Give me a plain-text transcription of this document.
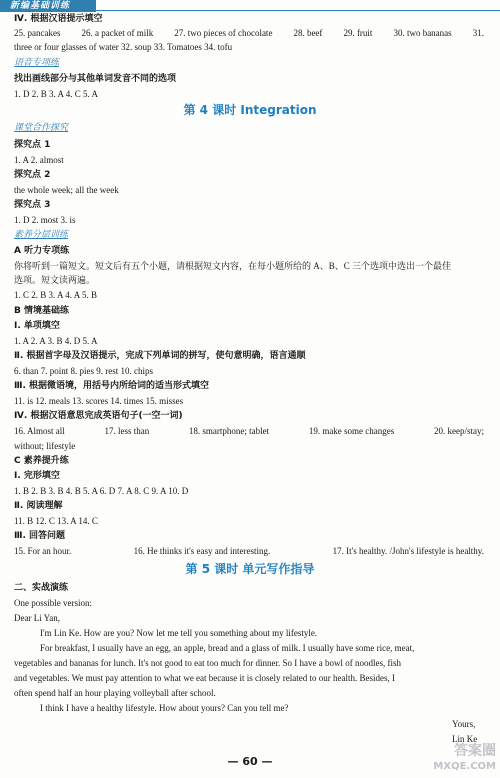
新编基础训练
Ⅳ. 根据汉语提示填空
25. pancakes 26. a packet of milk 27. two pieces of chocolate 28. beef 29. fruit 30. two bananas 31.
three or four glasses of water 32. soup 33. Tomatoes 34. tofu
语音专项练
找出画线部分与其他单词发音不同的选项
1. D 2. B 3. A 4. C 5. A
第 4 课时 Integration
课堂合作探究
探究点 1
1. A 2. almost
探究点 2
the whole week; all the week
探究点 3
1. D 2. most 3. is
素养分层训练
A 听力专项练
你将听到一篇短文。短文后有五个小题，请根据短文内容，在每小题所给的 A、B、C 三个选项中选出一个最佳
选项。短文读两遍。
1. C 2. B 3. A 4. A 5. B
B 情境基础练
Ⅰ. 单项填空
1. A 2. A 3. B 4. D 5. A
Ⅱ. 根据首字母及汉语提示，完成下列单词的拼写，使句意明确，语言通顺
6. than 7. point 8. pies 9. rest 10. chips
Ⅲ. 根据微语境，用括号内所给词的适当形式填空
11. is 12. meals 13. scores 14. times 15. misses
Ⅳ. 根据汉语意思完成英语句子(一空一词)
16. Almost all	17. less than	18. smartphone; tablet	19. make some changes	20. keep/stay;
without; lifestyle
C 素养提升练
Ⅰ. 完形填空
1. B 2. B 3. B 4. B 5. A 6. D 7. A 8. C 9. A 10. D
Ⅱ. 阅读理解
11. B 12. C 13. A 14. C
Ⅲ. 回答问题
15. For an hour.	16. He thinks it's easy and interesting.	17. It's healthy. /John's lifestyle is healthy.
第 5 课时 单元写作指导
二、实战演练
One possible version:
Dear Li Yan,
I'm Lin Ke. How are you? Now let me tell you something about my lifestyle.
For breakfast, I usually have an egg, an apple, bread and a glass of milk. I usually have some rice, meat,
vegetables and bananas for lunch. It's not good to eat too much for dinner. So I have a bowl of noodles, fish
and vegetables. We must pay attention to what we eat because it is closely related to our health. Besides, I
often spend half an hour playing volleyball after school.
I think I have a healthy lifestyle. How about yours? Can you tell me?
Yours,
Lin Ke
— 60 —
答案圈
MXQE.COM
